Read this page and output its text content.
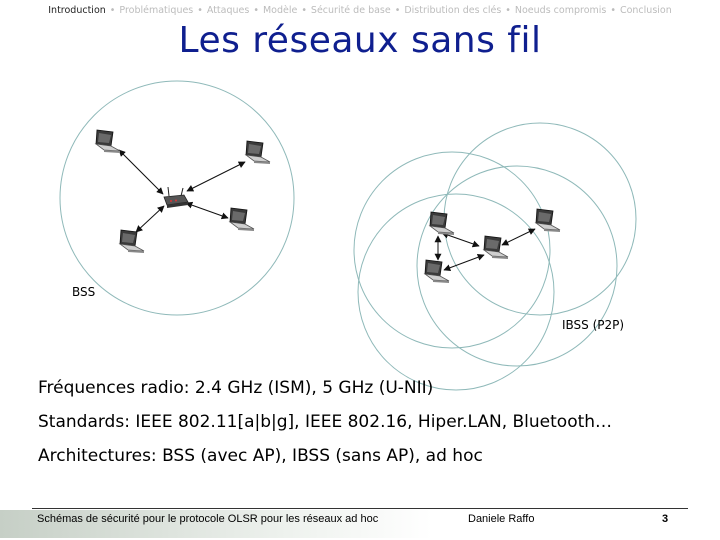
Introduction • Problématiques • Attaques • Modèle • Sécurité de base • Distribution des clés • Noeuds compromis • Conclusion
Les réseaux sans fil
BSS
IBSS (P2P)
Fréquences radio: 2.4 GHz (ISM), 5 GHz (U-NII)
Standards: IEEE 802.11[a|b|g], IEEE 802.16, Hiper.LAN, Bluetooth…
Architectures: BSS (avec AP), IBSS (sans AP), ad hoc
Schémas de sécurité pour le protocole OLSR pour les réseaux ad hoc	Daniele Raffo	3
